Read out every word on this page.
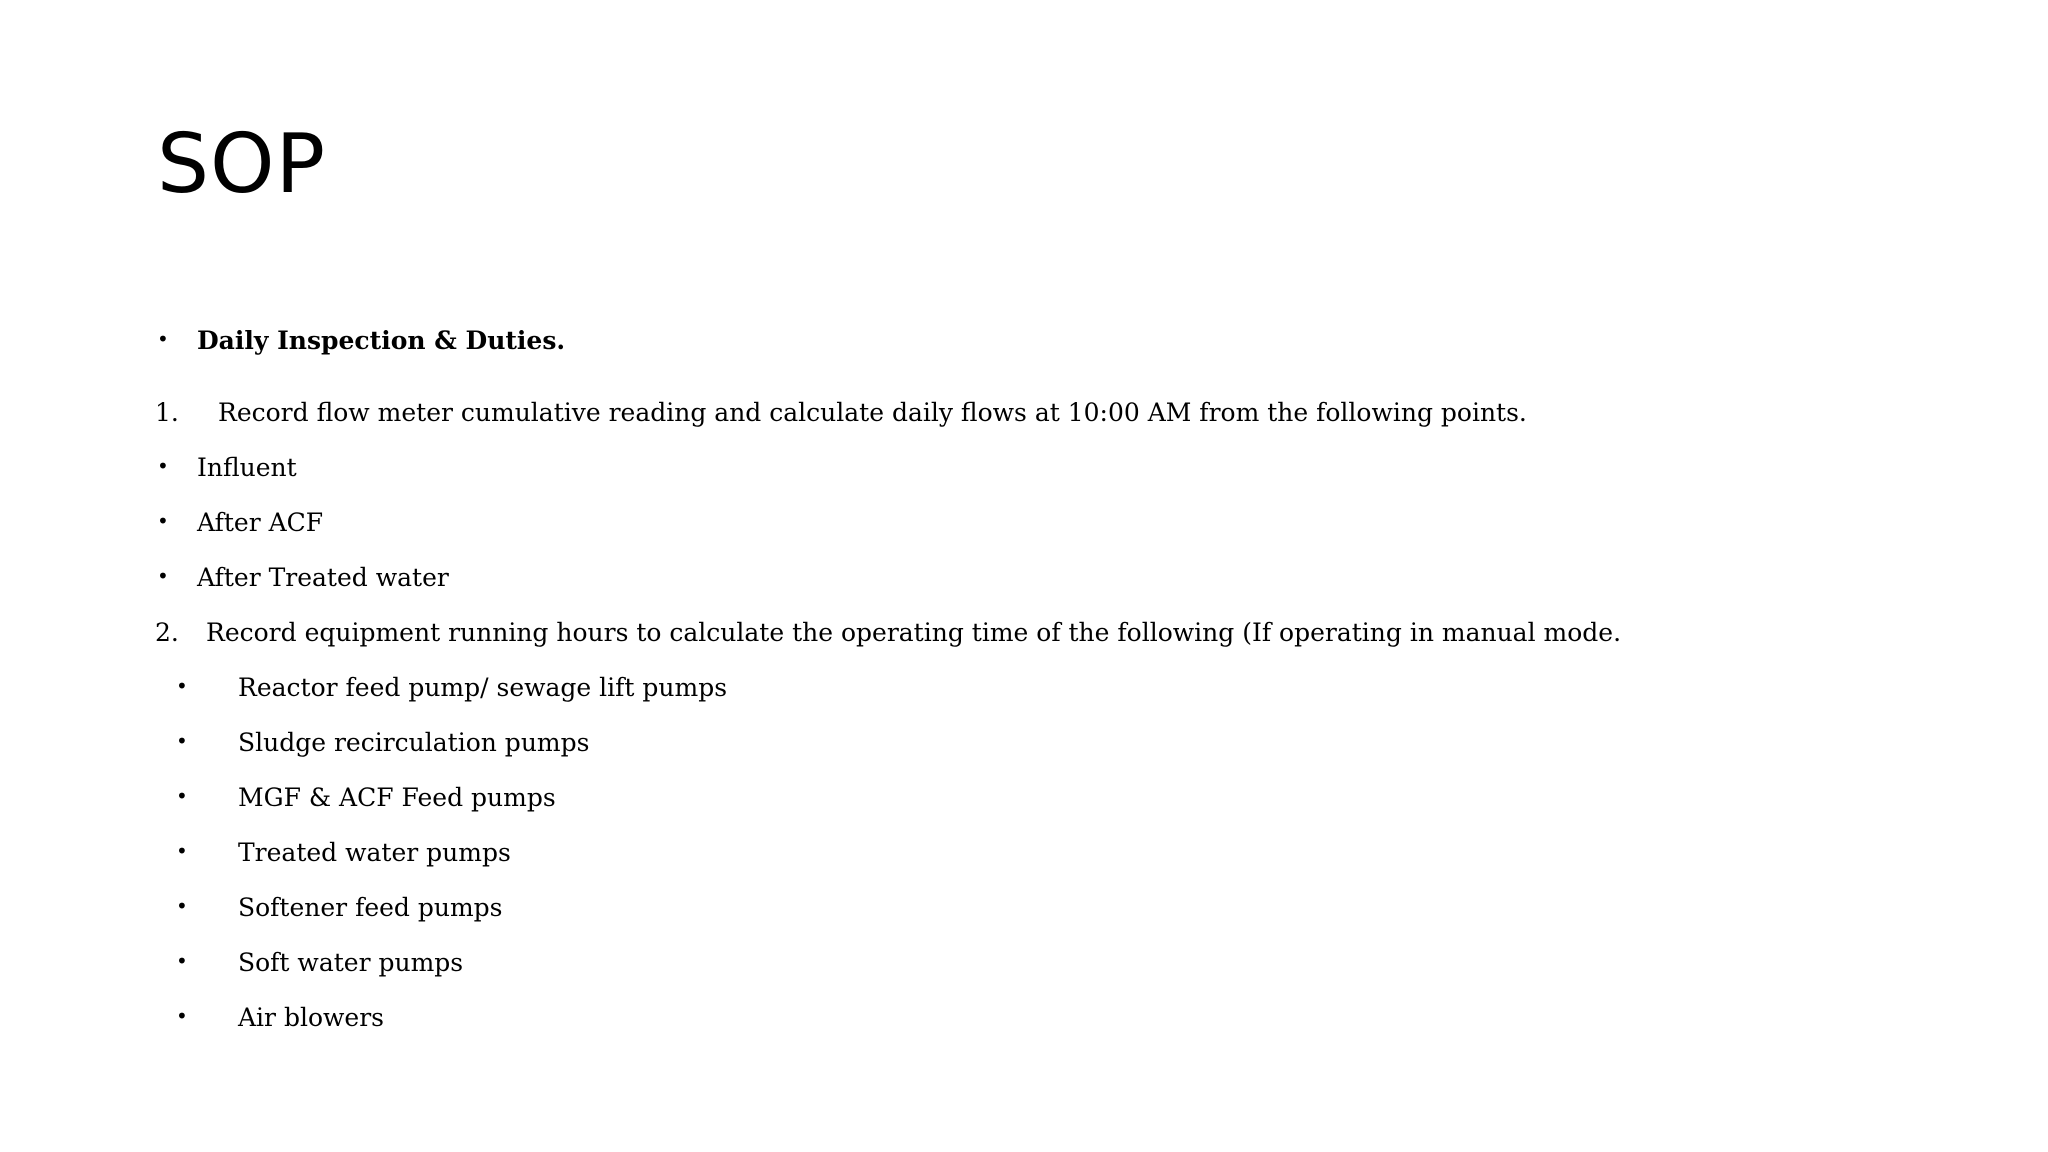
SOP
• Daily Inspection & Duties.
1. Record flow meter cumulative reading and calculate daily flows at 10:00 AM from the following points.
• Influent
• After ACF
• After Treated water
2. Record equipment running hours to calculate the operating time of the following (If operating in manual mode.
• Reactor feed pump/ sewage lift pumps
• Sludge recirculation pumps
• MGF & ACF Feed pumps
• Treated water pumps
• Softener feed pumps
• Soft water pumps
• Air blowers
